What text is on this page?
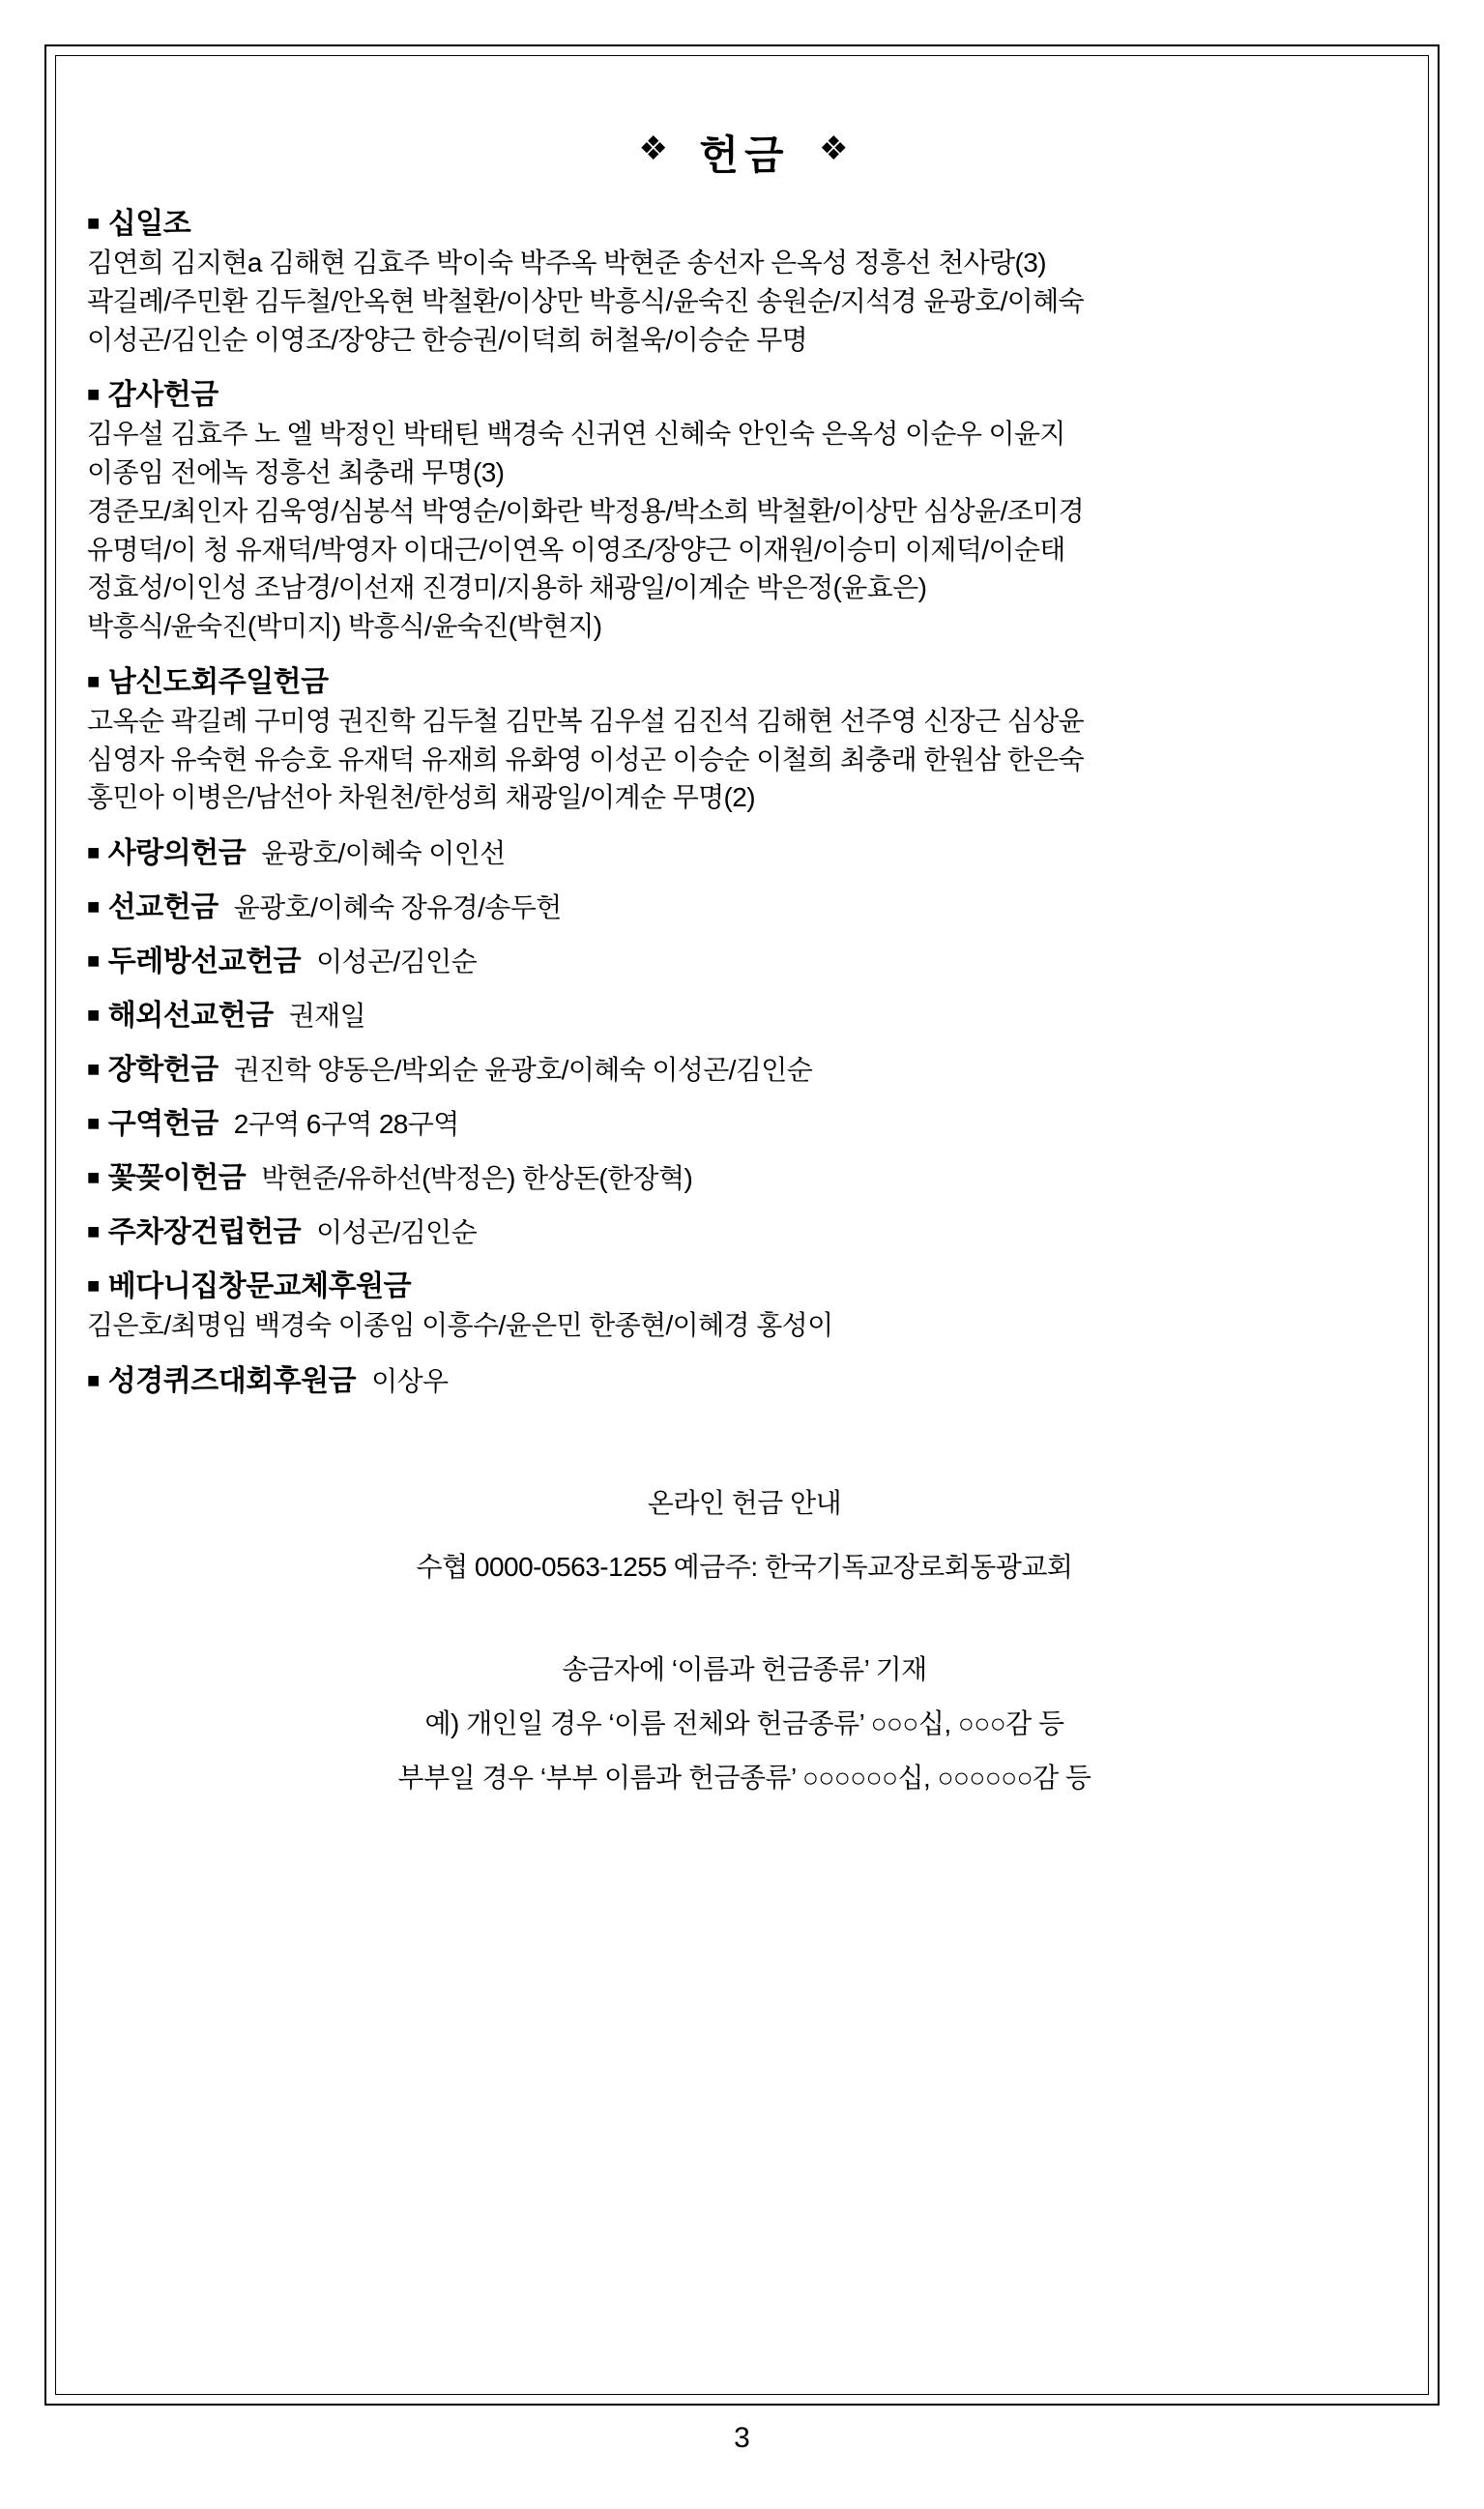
❖ 헌금 ❖
■ 십일조
김연희 김지현a 김해현 김효주 박이숙 박주옥 박현준 송선자 은옥성 정흥선 천사랑(3)
곽길례/주민환 김두철/안옥현 박철환/이상만 박흥식/윤숙진 송원순/지석경 윤광호/이혜숙
이성곤/김인순 이영조/장양근 한승권/이덕희 허철욱/이승순 무명
■ 감사헌금
김우설 김효주 노 엘 박정인 박태틴 백경숙 신귀연 신혜숙 안인숙 은옥성 이순우 이윤지
이종임 전에녹 정흥선 최충래 무명(3)
경준모/최인자 김욱영/심봉석 박영순/이화란 박정용/박소희 박철환/이상만 심상윤/조미경
유명덕/이 청 유재덕/박영자 이대근/이연옥 이영조/장양근 이재원/이승미 이제덕/이순태
정효성/이인성 조남경/이선재 진경미/지용하 채광일/이계순 박은정(윤효은)
박흥식/윤숙진(박미지) 박흥식/윤숙진(박현지)
■ 남신도회주일헌금
고옥순 곽길례 구미영 권진학 김두철 김만복 김우설 김진석 김해현 선주영 신장근 심상윤
심영자 유숙현 유승호 유재덕 유재희 유화영 이성곤 이승순 이철희 최충래 한원삼 한은숙
홍민아 이병은/남선아 차원천/한성희 채광일/이계순 무명(2)
■ 사랑의헌금 윤광호/이혜숙 이인선
■ 선교헌금 윤광호/이혜숙 장유경/송두헌
■ 두레방선교헌금 이성곤/김인순
■ 해외선교헌금 권재일
■ 장학헌금 권진학 양동은/박외순 윤광호/이혜숙 이성곤/김인순
■ 구역헌금 2구역 6구역 28구역
■ 꽃꽂이헌금 박현준/유하선(박정은) 한상돈(한장혁)
■ 주차장건립헌금 이성곤/김인순
■ 베다니집창문교체후원금
김은호/최명임 백경숙 이종임 이흥수/윤은민 한종현/이혜경 홍성이
■ 성경퀴즈대회후원금 이상우
온라인 헌금 안내
수협 0000-0563-1255 예금주: 한국기독교장로회동광교회
송금자에 ‘이름과 헌금종류’ 기재
예) 개인일 경우 ‘이름 전체와 헌금종류’ ○○○십, ○○○감 등
부부일 경우 ‘부부 이름과 헌금종류’ ○○○○○○십, ○○○○○○감 등
3
